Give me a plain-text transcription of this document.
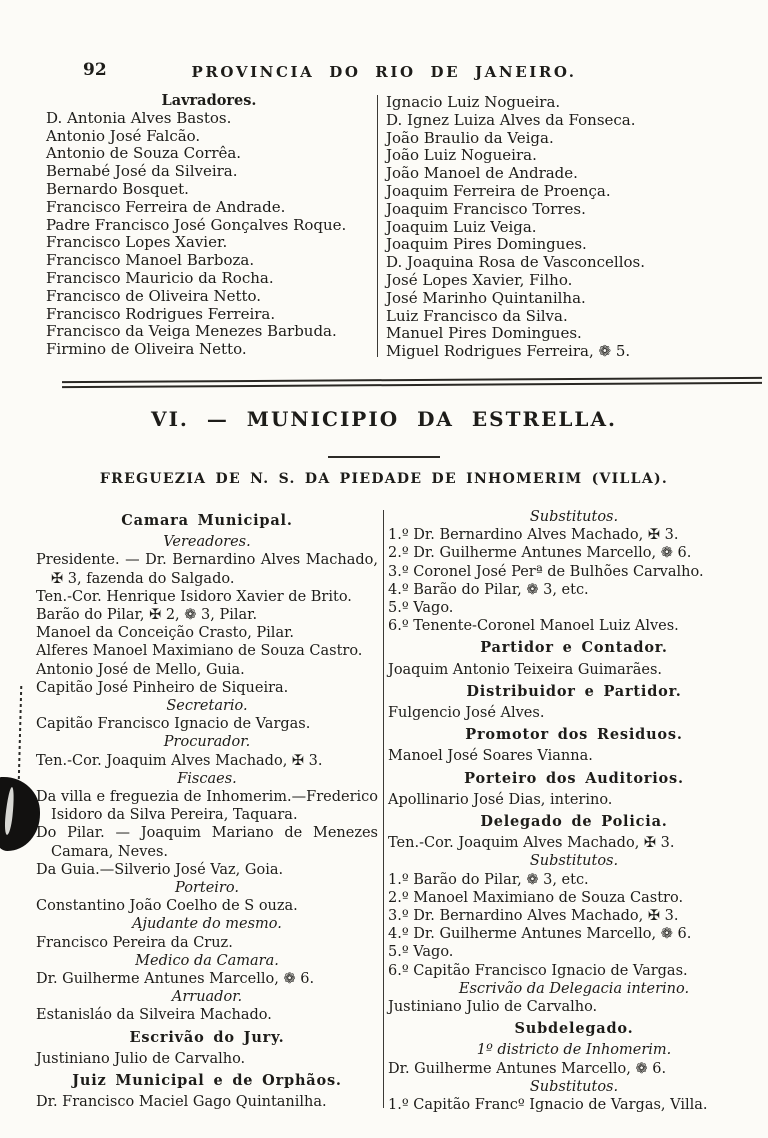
92	PROVINCIA DO RIO DE JANEIRO.
Lavradores.
D. Antonia Alves Bastos.
Antonio José Falcão.
Antonio de Souza Corrêa.
Bernabé José da Silveira.
Bernardo Bosquet.
Francisco Ferreira de Andrade.
Padre Francisco José Gonçalves Roque.
Francisco Lopes Xavier.
Francisco Manoel Barboza.
Francisco Mauricio da Rocha.
Francisco de Oliveira Netto.
Francisco Rodrigues Ferreira.
Francisco da Veiga Menezes Barbuda.
Firmino de Oliveira Netto.
Ignacio Luiz Nogueira.
D. Ignez Luiza Alves da Fonseca.
João Braulio da Veiga.
João Luiz Nogueira.
João Manoel de Andrade.
Joaquim Ferreira de Proença.
Joaquim Francisco Torres.
Joaquim Luiz Veiga.
Joaquim Pires Domingues.
D. Joaquina Rosa de Vasconcellos.
José Lopes Xavier, Filho.
José Marinho Quintanilha.
Luiz Francisco da Silva.
Manuel Pires Domingues.
Miguel Rodrigues Ferreira, ❁ 5.
VI. — MUNICIPIO DA ESTRELLA.
FREGUEZIA DE N. S. DA PIEDADE DE INHOMERIM (VILLA).
Camara Municipal.
Vereadores.
Presidente. — Dr. Bernardino Alves Machado, ✠ 3, fazenda do Salgado.
Ten.-Cor. Henrique Isidoro Xavier de Brito.
Barão do Pilar, ✠ 2, ❁ 3, Pilar.
Manoel da Conceição Crasto, Pilar.
Alferes Manoel Maximiano de Souza Castro.
Antonio José de Mello, Guia.
Capitão José Pinheiro de Siqueira.
Secretario.
Capitão Francisco Ignacio de Vargas.
Procurador.
Ten.-Cor. Joaquim Alves Machado, ✠ 3.
Fiscaes.
Da villa e freguezia de Inhomerim.—Frederico Isidoro da Silva Pereira, Taquara.
Do Pilar. — Joaquim Mariano de Menezes Camara, Neves.
Da Guia.—Silverio José Vaz, Goia.
Porteiro.
Constantino João Coelho de S ouza.
Ajudante do mesmo.
Francisco Pereira da Cruz.
Medico da Camara.
Dr. Guilherme Antunes Marcello, ❁ 6.
Arruador.
Estanisláo da Silveira Machado.
Escrivão do Jury.
Justiniano Julio de Carvalho.
Juiz Municipal e de Orphãos.
Dr. Francisco Maciel Gago Quintanilha.
Substitutos.
1.º Dr. Bernardino Alves Machado, ✠ 3.
2.º Dr. Guilherme Antunes Marcello, ❁ 6.
3.º Coronel José Perª de Bulhões Carvalho.
4.º Barão do Pilar, ❁ 3, etc.
5.º Vago.
6.º Tenente-Coronel Manoel Luiz Alves.
Partidor e Contador.
Joaquim Antonio Teixeira Guimarães.
Distribuidor e Partidor.
Fulgencio José Alves.
Promotor dos Residuos.
Manoel José Soares Vianna.
Porteiro dos Auditorios.
Apollinario José Dias, interino.
Delegado de Policia.
Ten.-Cor. Joaquim Alves Machado, ✠ 3.
Substitutos.
1.º Barão do Pilar, ❁ 3, etc.
2.º Manoel Maximiano de Souza Castro.
3.º Dr. Bernardino Alves Machado, ✠ 3.
4.º Dr. Guilherme Antunes Marcello, ❁ 6.
5.º Vago.
6.º Capitão Francisco Ignacio de Vargas.
Escrivão da Delegacia interino.
Justiniano Julio de Carvalho.
Subdelegado.
1º districto de Inhomerim.
Dr. Guilherme Antunes Marcello, ❁ 6.
Substitutos.
1.º Capitão Francº Ignacio de Vargas, Villa.
